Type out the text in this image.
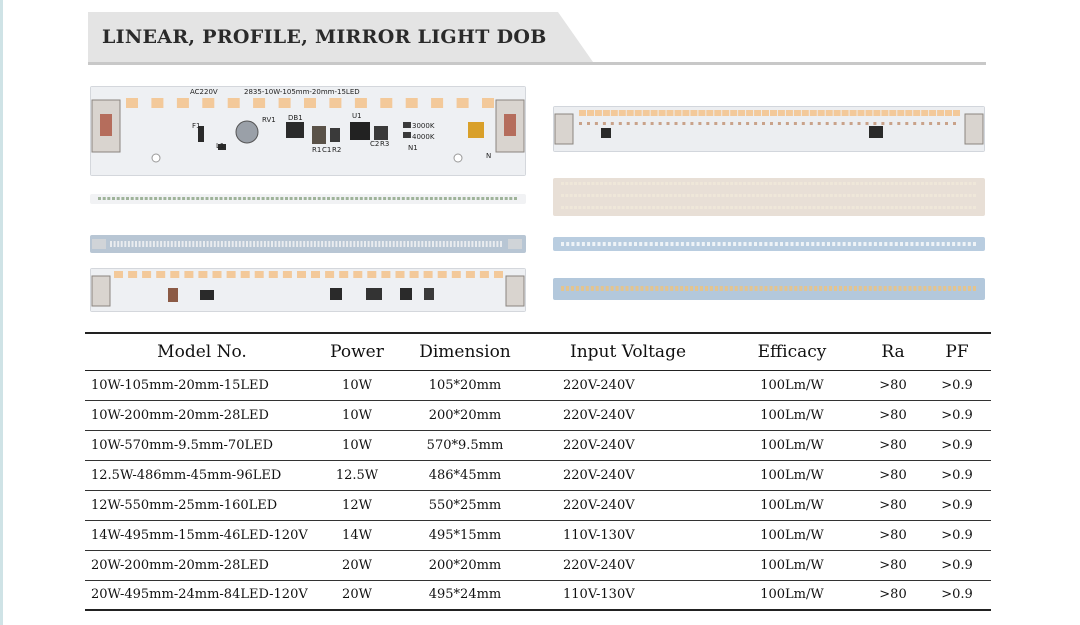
LINEAR, PROFILE, MIRROR LIGHT DOB
AC220V	2835-10W-105mm-20mm-15LED
F1
L1
RV1 DB1	U1
R1 C1 R2
C2 R3
3000K
4000K
N1
N
Model No.	Power	Dimension	Input Voltage	Efficacy	Ra	PF
10W-105mm-20mm-15LED	10W	105*20mm	220V-240V	100Lm/W	>80	>0.9
10W-200mm-20mm-28LED	10W	200*20mm	220V-240V	100Lm/W	>80	>0.9
10W-570mm-9.5mm-70LED	10W	570*9.5mm	220V-240V	100Lm/W	>80	>0.9
12.5W-486mm-45mm-96LED	12.5W	486*45mm	220V-240V	100Lm/W	>80	>0.9
12W-550mm-25mm-160LED	12W	550*25mm	220V-240V	100Lm/W	>80	>0.9
14W-495mm-15mm-46LED-120V	14W	495*15mm	110V-130V	100Lm/W	>80	>0.9
20W-200mm-20mm-28LED	20W	200*20mm	220V-240V	100Lm/W	>80	>0.9
20W-495mm-24mm-84LED-120V	20W	495*24mm	110V-130V	100Lm/W	>80	>0.9
